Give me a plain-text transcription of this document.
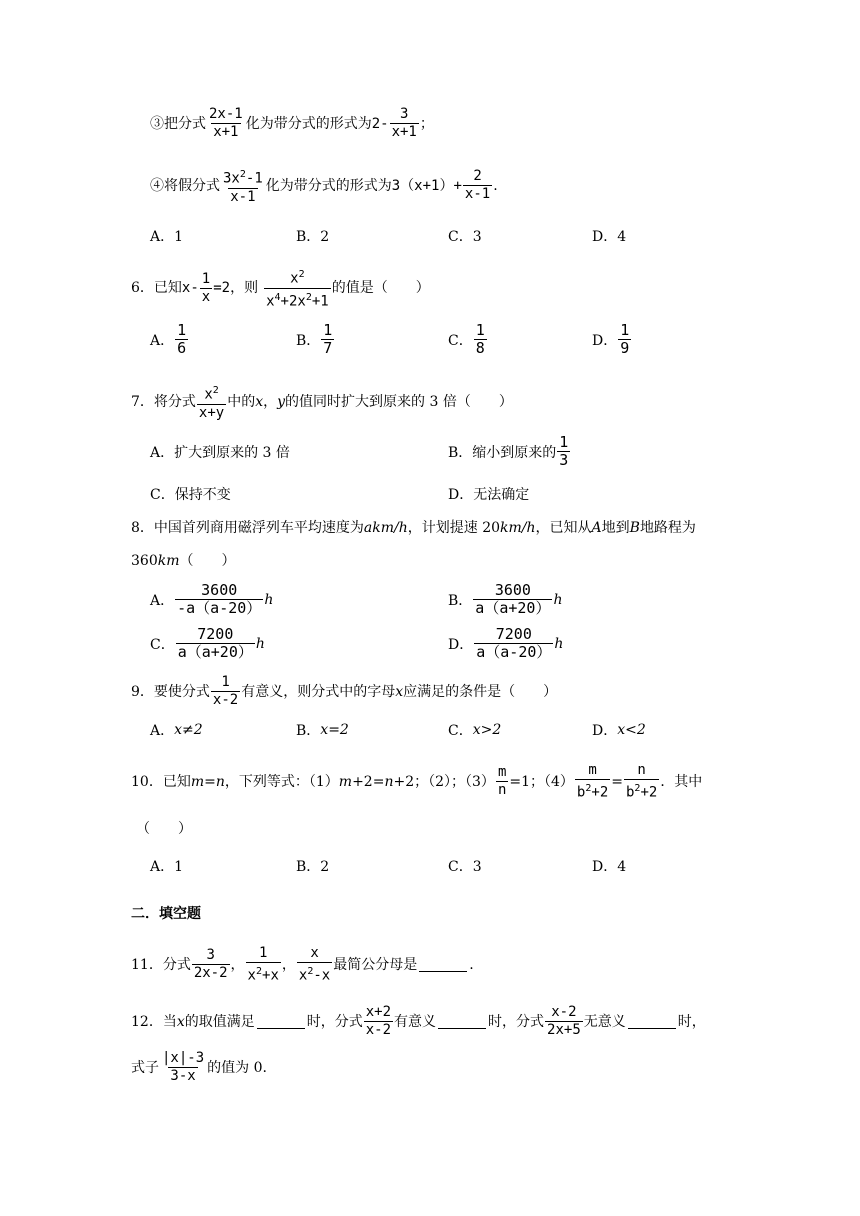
③把分式 $\frac{2x-1}{x+1}$ 化为带分式的形式为 $2- \frac{3}{x+1}$ ；
④将假分式 $\frac{3x^2-1}{x-1}$ 化为带分式的形式为 $3(x+1)+ \frac{2}{x-1}$ .
A．1	B．2	C．3	D．4
6．已知 $x- \frac{1}{x} =2$，则 $\frac{x^2}{x^4+2x^2+1}$ 的值是（　　）
A． $\frac{1}{6}$	B． $\frac{1}{7}$	C． $\frac{1}{8}$	D． $\frac{1}{9}$
7．将分式 $\frac{x^2}{x+y}$ 中的 x ， y 的值同时扩大到原来的 3 倍（　　）
A．扩大到原来的 3 倍	B．缩小到原来的 $\frac{1}{3}$
C．保持不变	D．无法确定
8．中国首列商用磁浮列车平均速度为 akm/h ，计划提速 20 km/h ，已知从 A 地到 B 地路程为
360 km （　　）
A． $\frac{3600}{-a(a-20)}$ h	B． $\frac{3600}{a(a+20)}$ h
C． $\frac{7200}{a(a+20)}$ h	D． $\frac{7200}{a(a-20)}$ h
9．要使分式 $\frac{1}{x-2}$ 有意义，则分式中的字母 x 应满足的条件是（　　）
A． x≠2	B． x=2	C． x>2	D． x<2
10．已知 m = n ，下列等式：（1） m +2= n +2；（2）；$(3) \frac{m}{n} =1$；$(4) \frac{m}{b^2+2} = \frac{n}{b^2+2}$ ．其中
（　　）
A．1	B．2	C．3	D．4
二．填空题
11．分式 $\frac{3}{2x-2}$ ， $\frac{1}{x^2+x}$ ， $\frac{x}{x^2-x}$ 最简公分母是	.
12．当 x 的取值满足	时，分式 $\frac{x+2}{x-2}$ 有意义	时，分式 $\frac{x-2}{2x+5}$ 无意义	时，
式子 $\frac{|x|-3}{3-x}$ 的值为 0.
